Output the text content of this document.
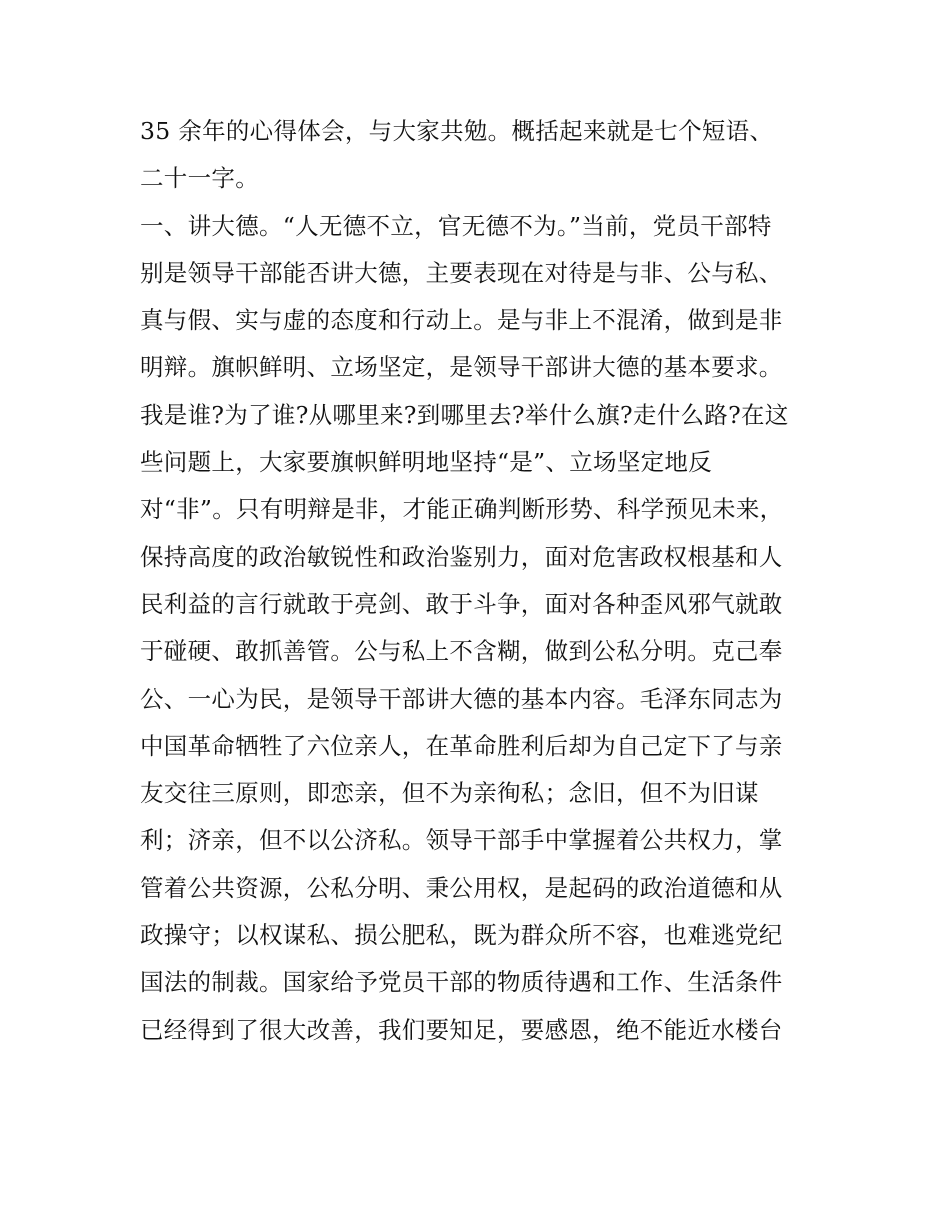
35 余年的心得体会，与大家共勉。概括起来就是七个短语、
二十一字。
一、讲大德。“人无德不立，官无德不为。”当前，党员干部特
别是领导干部能否讲大德，主要表现在对待是与非、公与私、
真与假、实与虚的态度和行动上。是与非上不混淆，做到是非
明辩。旗帜鲜明、立场坚定，是领导干部讲大德的基本要求。
我是谁?为了谁?从哪里来?到哪里去?举什么旗?走什么路?在这
些问题上，大家要旗帜鲜明地坚持“是”、立场坚定地反
对“非”。只有明辩是非，才能正确判断形势、科学预见未来，
保持高度的政治敏锐性和政治鉴别力，面对危害政权根基和人
民利益的言行就敢于亮剑、敢于斗争，面对各种歪风邪气就敢
于碰硬、敢抓善管。公与私上不含糊，做到公私分明。克己奉
公、一心为民，是领导干部讲大德的基本内容。毛泽东同志为
中国革命牺牲了六位亲人，在革命胜利后却为自己定下了与亲
友交往三原则，即恋亲，但不为亲徇私；念旧，但不为旧谋
利；济亲，但不以公济私。领导干部手中掌握着公共权力，掌
管着公共资源，公私分明、秉公用权，是起码的政治道德和从
政操守；以权谋私、损公肥私，既为群众所不容，也难逃党纪
国法的制裁。国家给予党员干部的物质待遇和工作、生活条件
已经得到了很大改善，我们要知足，要感恩，绝不能近水楼台
